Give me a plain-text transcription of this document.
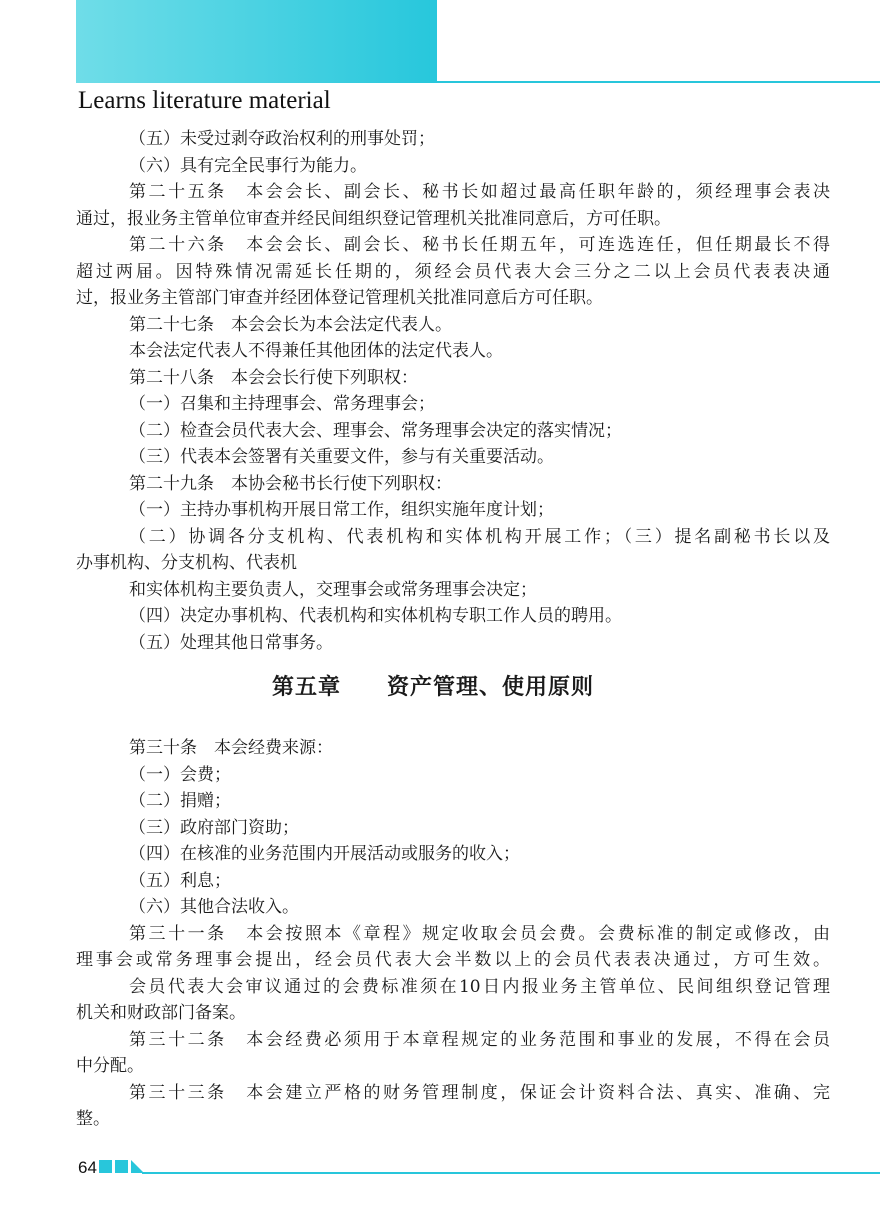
Learns literature material
（五）未受过剥夺政治权利的刑事处罚；
（六）具有完全民事行为能力。
第二十五条　本会会长、副会长、秘书长如超过最高任职年龄的，须经理事会表决
通过，报业务主管单位审查并经民间组织登记管理机关批准同意后，方可任职。
第二十六条　本会会长、副会长、秘书长任期五年，可连选连任，但任期最长不得
超过两届。因特殊情况需延长任期的，须经会员代表大会三分之二以上会员代表表决通
过，报业务主管部门审查并经团体登记管理机关批准同意后方可任职。
第二十七条　本会会长为本会法定代表人。
本会法定代表人不得兼任其他团体的法定代表人。
第二十八条　本会会长行使下列职权：
（一）召集和主持理事会、常务理事会；
（二）检查会员代表大会、理事会、常务理事会决定的落实情况；
（三）代表本会签署有关重要文件，参与有关重要活动。
第二十九条　本协会秘书长行使下列职权：
（一）主持办事机构开展日常工作，组织实施年度计划；
（二）协调各分支机构、代表机构和实体机构开展工作；（三）提名副秘书长以及
办事机构、分支机构、代表机
和实体机构主要负责人，交理事会或常务理事会决定；
（四）决定办事机构、代表机构和实体机构专职工作人员的聘用。
（五）处理其他日常事务。
第五章　　资产管理、使用原则
第三十条　本会经费来源：
（一）会费；
（二）捐赠；
（三）政府部门资助；
（四）在核准的业务范围内开展活动或服务的收入；
（五）利息；
（六）其他合法收入。
第三十一条　本会按照本《章程》规定收取会员会费。会费标准的制定或修改，由
理事会或常务理事会提出，经会员代表大会半数以上的会员代表表决通过，方可生效。
会员代表大会审议通过的会费标准须在10日内报业务主管单位、民间组织登记管理
机关和财政部门备案。
第三十二条　本会经费必须用于本章程规定的业务范围和事业的发展，不得在会员
中分配。
第三十三条　本会建立严格的财务管理制度，保证会计资料合法、真实、准确、完
整。
64
